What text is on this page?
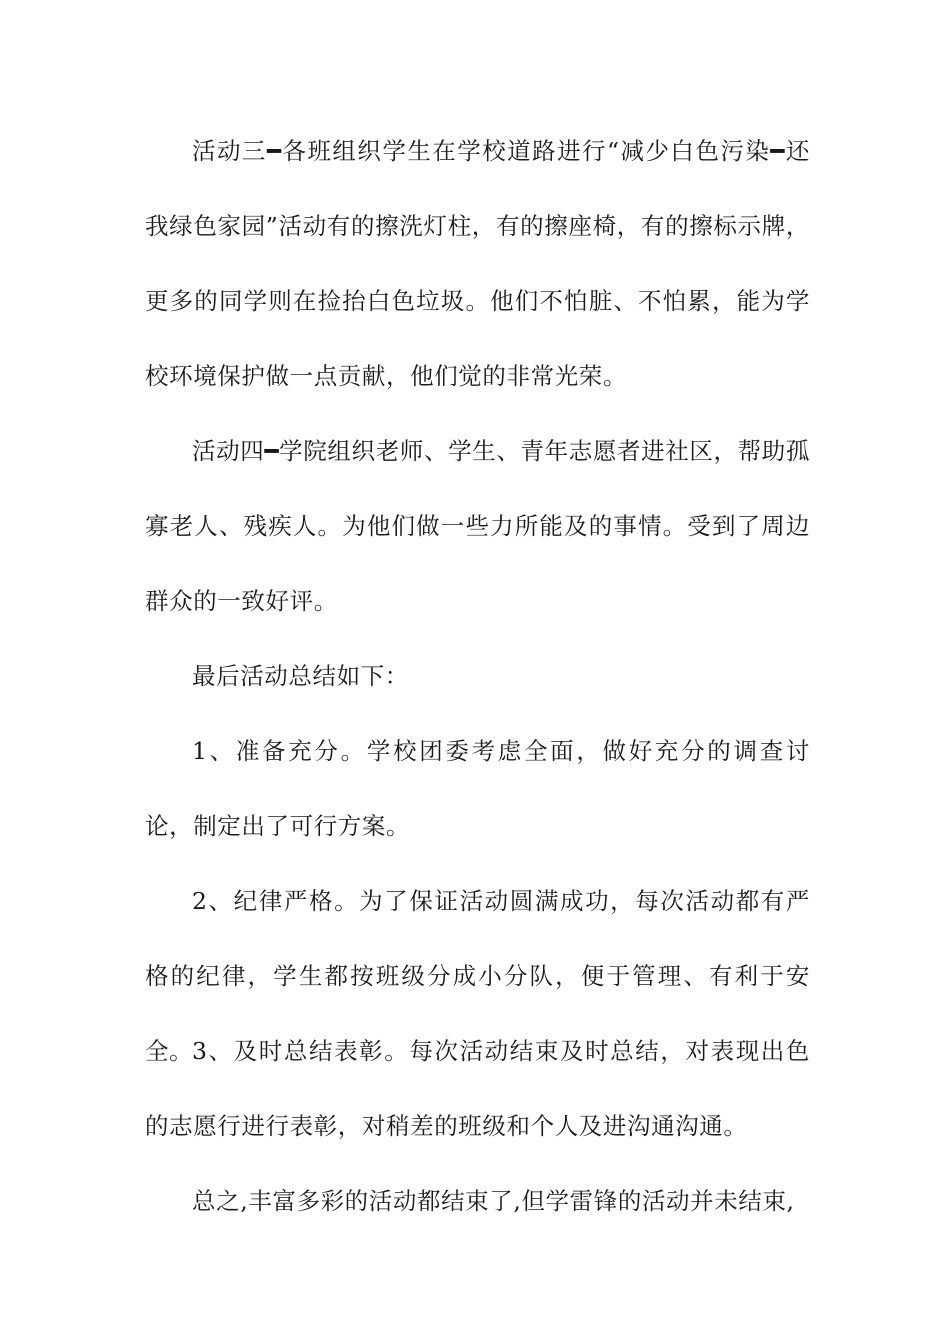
活动三━各班组织学生在学校道路进行“减少白色污染━还我绿色家园”活动有的擦洗灯柱，有的擦座椅，有的擦标示牌，更多的同学则在捡抬白色垃圾。他们不怕脏、不怕累，能为学校环境保护做一点贡献，他们觉的非常光荣。

活动四━学院组织老师、学生、青年志愿者进社区，帮助孤寡老人、残疾人。为他们做一些力所能及的事情。受到了周边群众的一致好评。

最后活动总结如下：

1、准备充分。学校团委考虑全面，做好充分的调查讨论，制定出了可行方案。

2、纪律严格。为了保证活动圆满成功，每次活动都有严格的纪律，学生都按班级分成小分队，便于管理、有利于安全。

3、及时总结表彰。每次活动结束及时总结，对表现出色的志愿行进行表彰，对稍差的班级和个人及进沟通沟通。

总之,丰富多彩的活动都结束了,但学雷锋的活动并未结束,
